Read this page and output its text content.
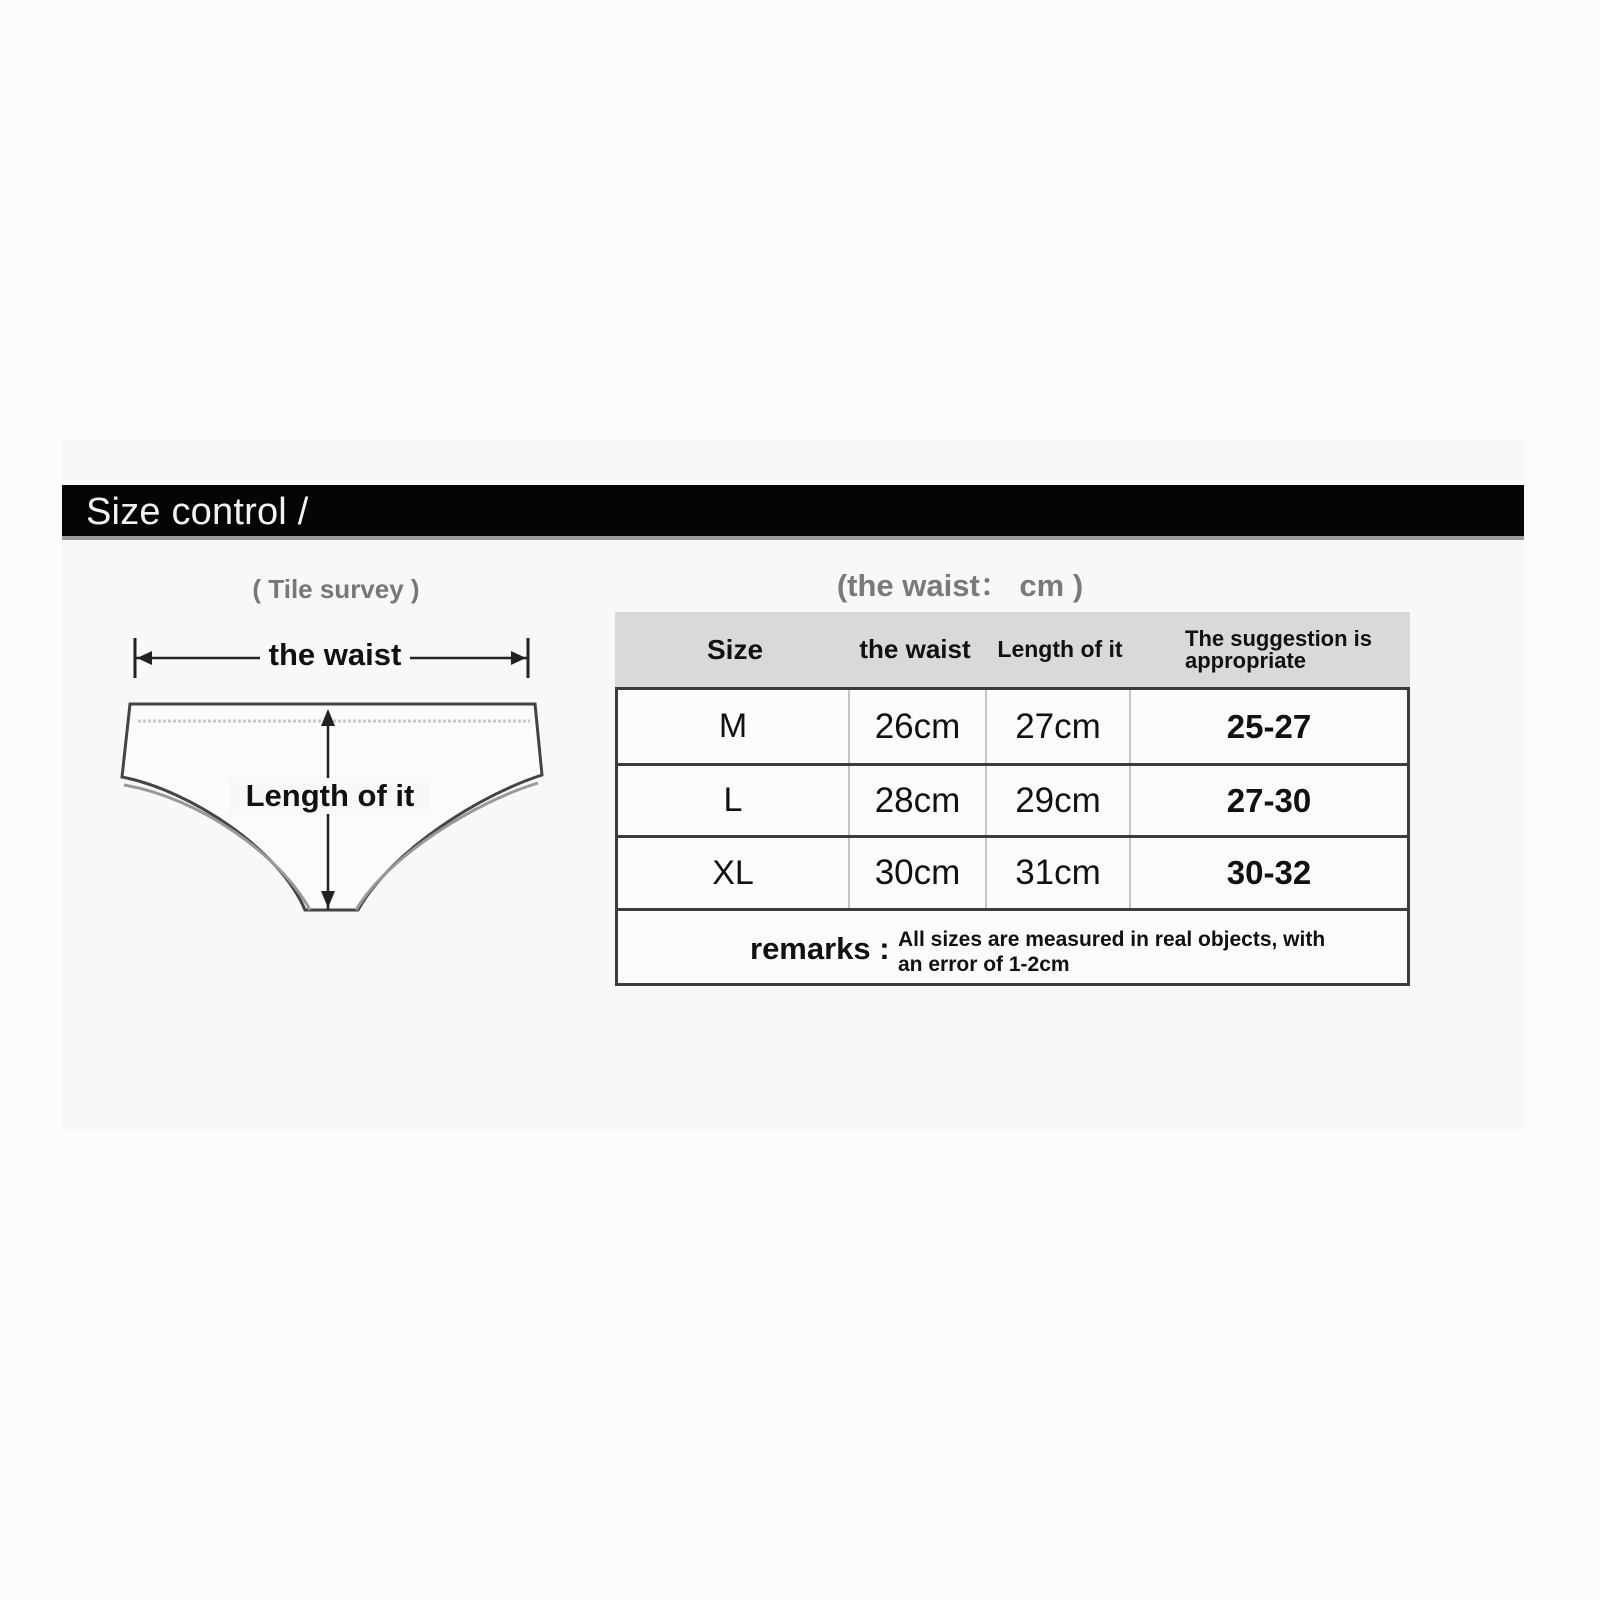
Size control /
( Tile survey )
the waist
Length of it
(the waist： cm )
Size	the waist	Length of it	The suggestion is appropriate
M	26cm	27cm	25-27
L	28cm	29cm	27-30
XL	30cm	31cm	30-32
remarks : All sizes are measured in real objects, with an error of 1-2cm
